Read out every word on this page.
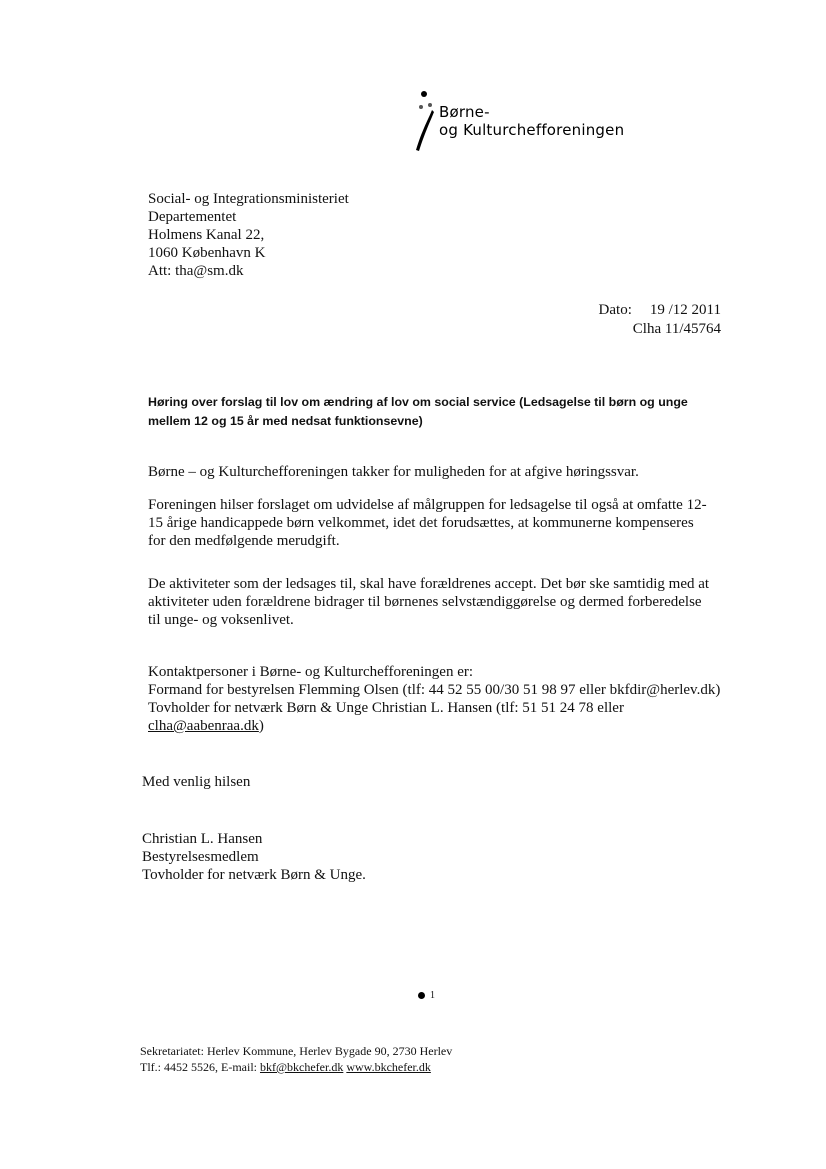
Børne-
og Kulturchefforeningen
Social- og Integrationsministeriet
Departementet
Holmens Kanal 22,
1060 København K
Att: tha@sm.dk
Dato: 19 /12 2011
Clha 11/45764
Høring over forslag til lov om ændring af lov om social service (Ledsagelse til børn og unge mellem 12 og 15 år med nedsat funktionsevne)
Børne – og Kulturchefforeningen takker for muligheden for at afgive høringssvar.
Foreningen hilser forslaget om udvidelse af målgruppen for ledsagelse til også at omfatte 12-15 årige handicappede børn velkommet, idet det forudsættes, at kommunerne kompenseres for den medfølgende merudgift.
De aktiviteter som der ledsages til, skal have forældrenes accept. Det bør ske samtidig med at aktiviteter uden forældrene bidrager til børnenes selvstændiggørelse og dermed forberedelse til unge- og voksenlivet.
Kontaktpersoner i Børne- og Kulturchefforeningen er:
Formand for bestyrelsen Flemming Olsen (tlf: 44 52 55 00/30 51 98 97 eller bkfdir@herlev.dk)
Tovholder for netværk Børn & Unge Christian L. Hansen (tlf: 51 51 24 78 eller
clha@aabenraa.dk)
Med venlig hilsen
Christian L. Hansen
Bestyrelsesmedlem
Tovholder for netværk Børn & Unge.
1
Sekretariatet: Herlev Kommune, Herlev Bygade 90, 2730 Herlev
Tlf.: 4452 5526, E-mail: bkf@bkchefer.dk www.bkchefer.dk
